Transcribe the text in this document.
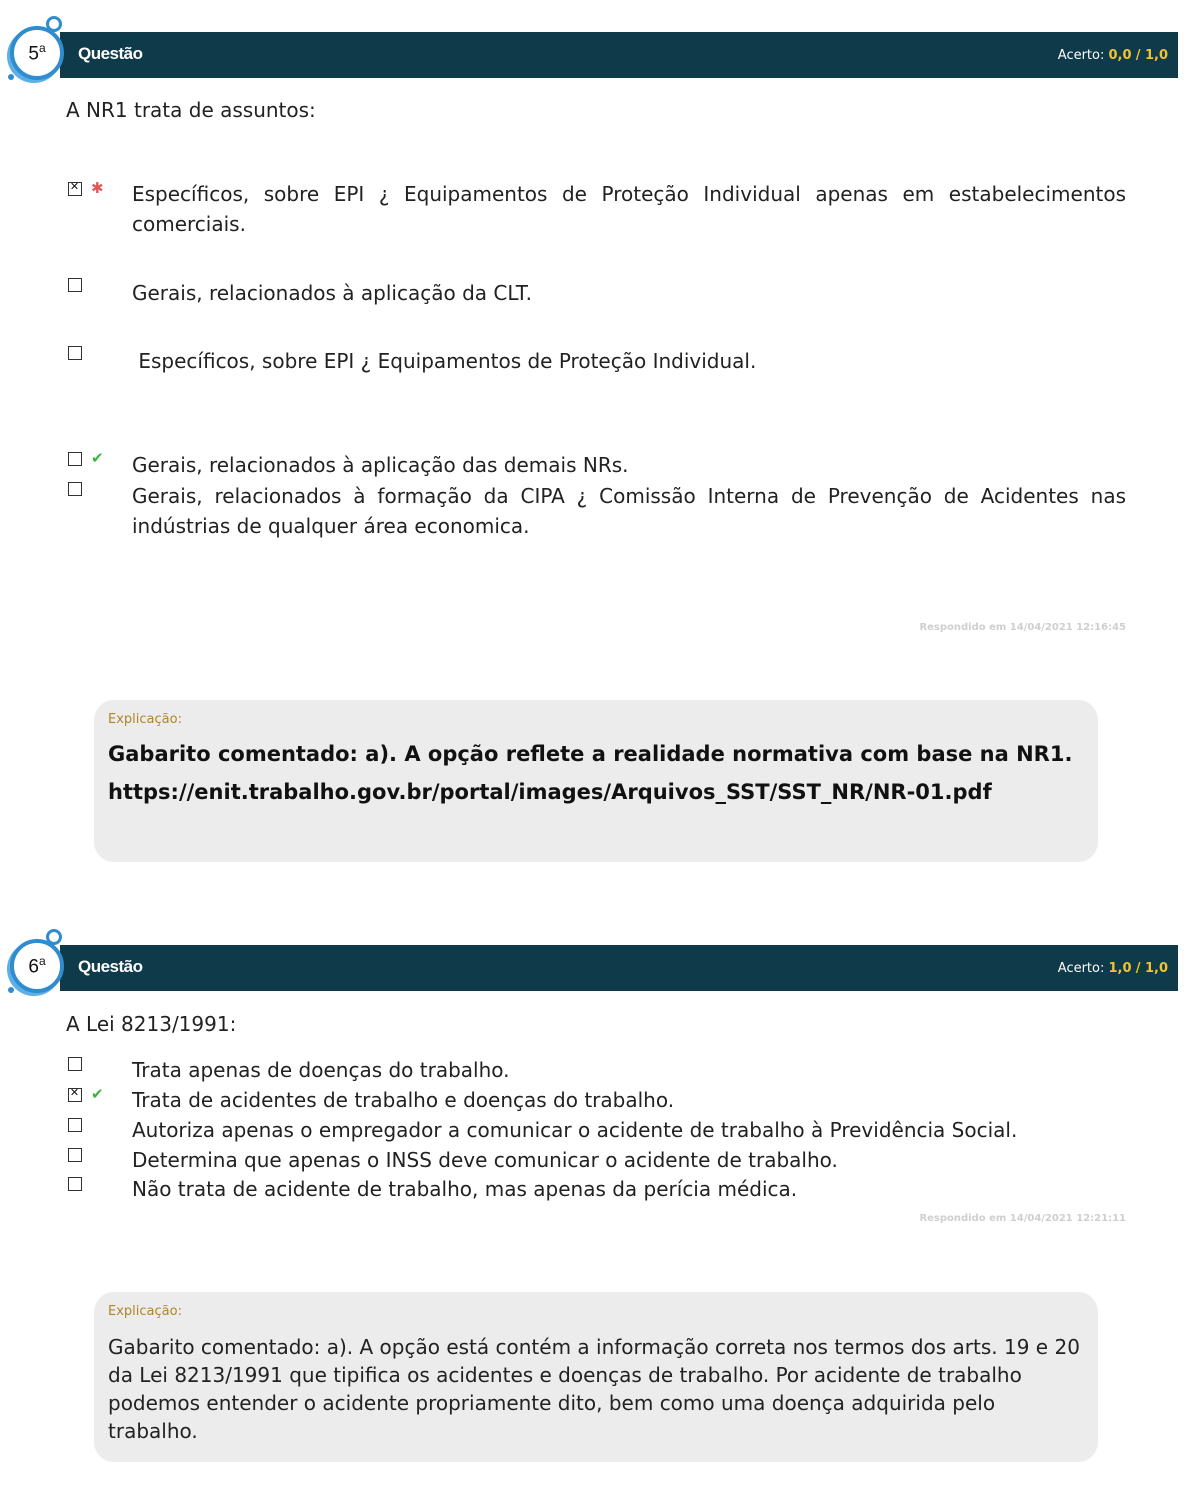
Questão	Acerto: 0,0 / 1,0
5$^a$
A NR1 trata de assuntos:
✕
✱ Específicos, sobre EPI ¿ Equipamentos de Proteção Individual apenas em estabelecimentos comerciais.
Gerais, relacionados à aplicação da CLT.
Específicos, sobre EPI ¿ Equipamentos de Proteção Individual.
✔ Gerais, relacionados à aplicação das demais NRs.
Gerais, relacionados à formação da CIPA ¿ Comissão Interna de Prevenção de Acidentes nas indústrias de qualquer área economica.
Respondido em 14/04/2021 12:16:45
Explicação:
Gabarito comentado: a). A opção reflete a realidade normativa com base na NR1.
https://enit.trabalho.gov.br/portal/images/Arquivos_SST/SST_NR/NR-01.pdf
Questão	Acerto: 1,0 / 1,0
6$^a$
A Lei 8213/1991:
Trata apenas de doenças do trabalho.
✕
✔ Trata de acidentes de trabalho e doenças do trabalho.
Autoriza apenas o empregador a comunicar o acidente de trabalho à Previdência Social.
Determina que apenas o INSS deve comunicar o acidente de trabalho.
Não trata de acidente de trabalho, mas apenas da perícia médica.
Respondido em 14/04/2021 12:21:11
Explicação:
Gabarito comentado: a). A opção está contém a informação correta nos termos dos arts. 19 e 20 da Lei 8213/1991 que tipifica os acidentes e doenças de trabalho. Por acidente de trabalho podemos entender o acidente propriamente dito, bem como uma doença adquirida pelo trabalho.
